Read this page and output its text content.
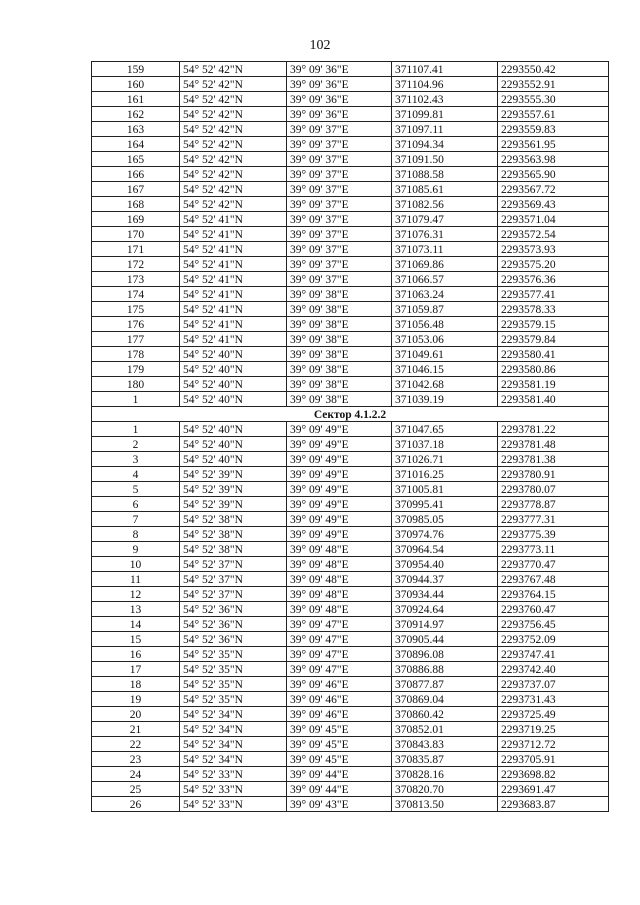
102
159	54° 52' 42"N	39° 09' 36"E	371107.41	2293550.42
160	54° 52' 42"N	39° 09' 36"E	371104.96	2293552.91
161	54° 52' 42"N	39° 09' 36"E	371102.43	2293555.30
162	54° 52' 42"N	39° 09' 36"E	371099.81	2293557.61
163	54° 52' 42"N	39° 09' 37"E	371097.11	2293559.83
164	54° 52' 42"N	39° 09' 37"E	371094.34	2293561.95
165	54° 52' 42"N	39° 09' 37"E	371091.50	2293563.98
166	54° 52' 42"N	39° 09' 37"E	371088.58	2293565.90
167	54° 52' 42"N	39° 09' 37"E	371085.61	2293567.72
168	54° 52' 42"N	39° 09' 37"E	371082.56	2293569.43
169	54° 52' 41"N	39° 09' 37"E	371079.47	2293571.04
170	54° 52' 41"N	39° 09' 37"E	371076.31	2293572.54
171	54° 52' 41"N	39° 09' 37"E	371073.11	2293573.93
172	54° 52' 41"N	39° 09' 37"E	371069.86	2293575.20
173	54° 52' 41"N	39° 09' 37"E	371066.57	2293576.36
174	54° 52' 41"N	39° 09' 38"E	371063.24	2293577.41
175	54° 52' 41"N	39° 09' 38"E	371059.87	2293578.33
176	54° 52' 41"N	39° 09' 38"E	371056.48	2293579.15
177	54° 52' 41"N	39° 09' 38"E	371053.06	2293579.84
178	54° 52' 40"N	39° 09' 38"E	371049.61	2293580.41
179	54° 52' 40"N	39° 09' 38"E	371046.15	2293580.86
180	54° 52' 40"N	39° 09' 38"E	371042.68	2293581.19
1	54° 52' 40"N	39° 09' 38"E	371039.19	2293581.40
Сектор 4.1.2.2				
1	54° 52' 40"N	39° 09' 49"E	371047.65	2293781.22
2	54° 52' 40"N	39° 09' 49"E	371037.18	2293781.48
3	54° 52' 40"N	39° 09' 49"E	371026.71	2293781.38
4	54° 52' 39"N	39° 09' 49"E	371016.25	2293780.91
5	54° 52' 39"N	39° 09' 49"E	371005.81	2293780.07
6	54° 52' 39"N	39° 09' 49"E	370995.41	2293778.87
7	54° 52' 38"N	39° 09' 49"E	370985.05	2293777.31
8	54° 52' 38"N	39° 09' 49"E	370974.76	2293775.39
9	54° 52' 38"N	39° 09' 48"E	370964.54	2293773.11
10	54° 52' 37"N	39° 09' 48"E	370954.40	2293770.47
11	54° 52' 37"N	39° 09' 48"E	370944.37	2293767.48
12	54° 52' 37"N	39° 09' 48"E	370934.44	2293764.15
13	54° 52' 36"N	39° 09' 48"E	370924.64	2293760.47
14	54° 52' 36"N	39° 09' 47"E	370914.97	2293756.45
15	54° 52' 36"N	39° 09' 47"E	370905.44	2293752.09
16	54° 52' 35"N	39° 09' 47"E	370896.08	2293747.41
17	54° 52' 35"N	39° 09' 47"E	370886.88	2293742.40
18	54° 52' 35"N	39° 09' 46"E	370877.87	2293737.07
19	54° 52' 35"N	39° 09' 46"E	370869.04	2293731.43
20	54° 52' 34"N	39° 09' 46"E	370860.42	2293725.49
21	54° 52' 34"N	39° 09' 45"E	370852.01	2293719.25
22	54° 52' 34"N	39° 09' 45"E	370843.83	2293712.72
23	54° 52' 34"N	39° 09' 45"E	370835.87	2293705.91
24	54° 52' 33"N	39° 09' 44"E	370828.16	2293698.82
25	54° 52' 33"N	39° 09' 44"E	370820.70	2293691.47
26	54° 52' 33"N	39° 09' 43"E	370813.50	2293683.87
